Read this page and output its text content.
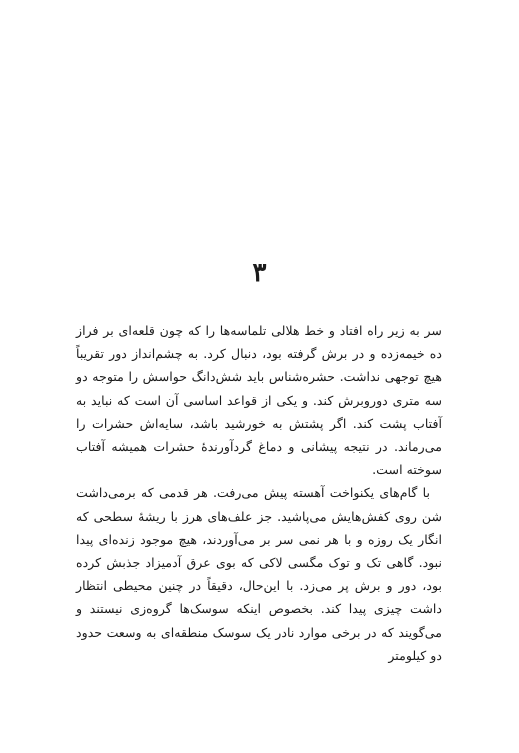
۳

سر به زیر راه افتاد و خط هلالی تلماسه‌ها را که چون قلعه‌ای بر فراز ده خیمه‌زده و در برش گرفته بود، دنبال کرد. به چشم‌انداز دور تقریباً هیچ توجهی نداشت. حشره‌شناس باید شش‌دانگ حواسش را متوجه دو سه متری دوروبرش کند. و یکی از قواعد اساسی آن است که نباید به آفتاب پشت کند. اگر پشتش به خورشید باشد، سایه‌اش حشرات را می‌رماند. در نتیجه پیشانی و دماغ گردآورندهٔ حشرات همیشه آفتاب سوخته است.

با گام‌های یکنواخت آهسته پیش می‌رفت. هر قدمی که برمی‌داشت شن روی کفش‌هایش می‌پاشید. جز علف‌های هرز با ریشهٔ سطحی که انگار یک روزه و با هر نمی سر بر می‌آوردند، هیچ موجود زنده‌ای پیدا نبود. گاهی تک و توک مگسی لاکی که بوی عرق آدمیزاد جذبش کرده بود، دور و برش پر می‌زد. با این‌حال، دقیقاً در چنین محیطی انتظار داشت چیزی پیدا کند. بخصوص اینکه سوسک‌ها گروه‌زی نیستند و می‌گویند که در برخی موارد نادر یک سوسک منطقه‌ای به وسعت حدود دو کیلومتر
